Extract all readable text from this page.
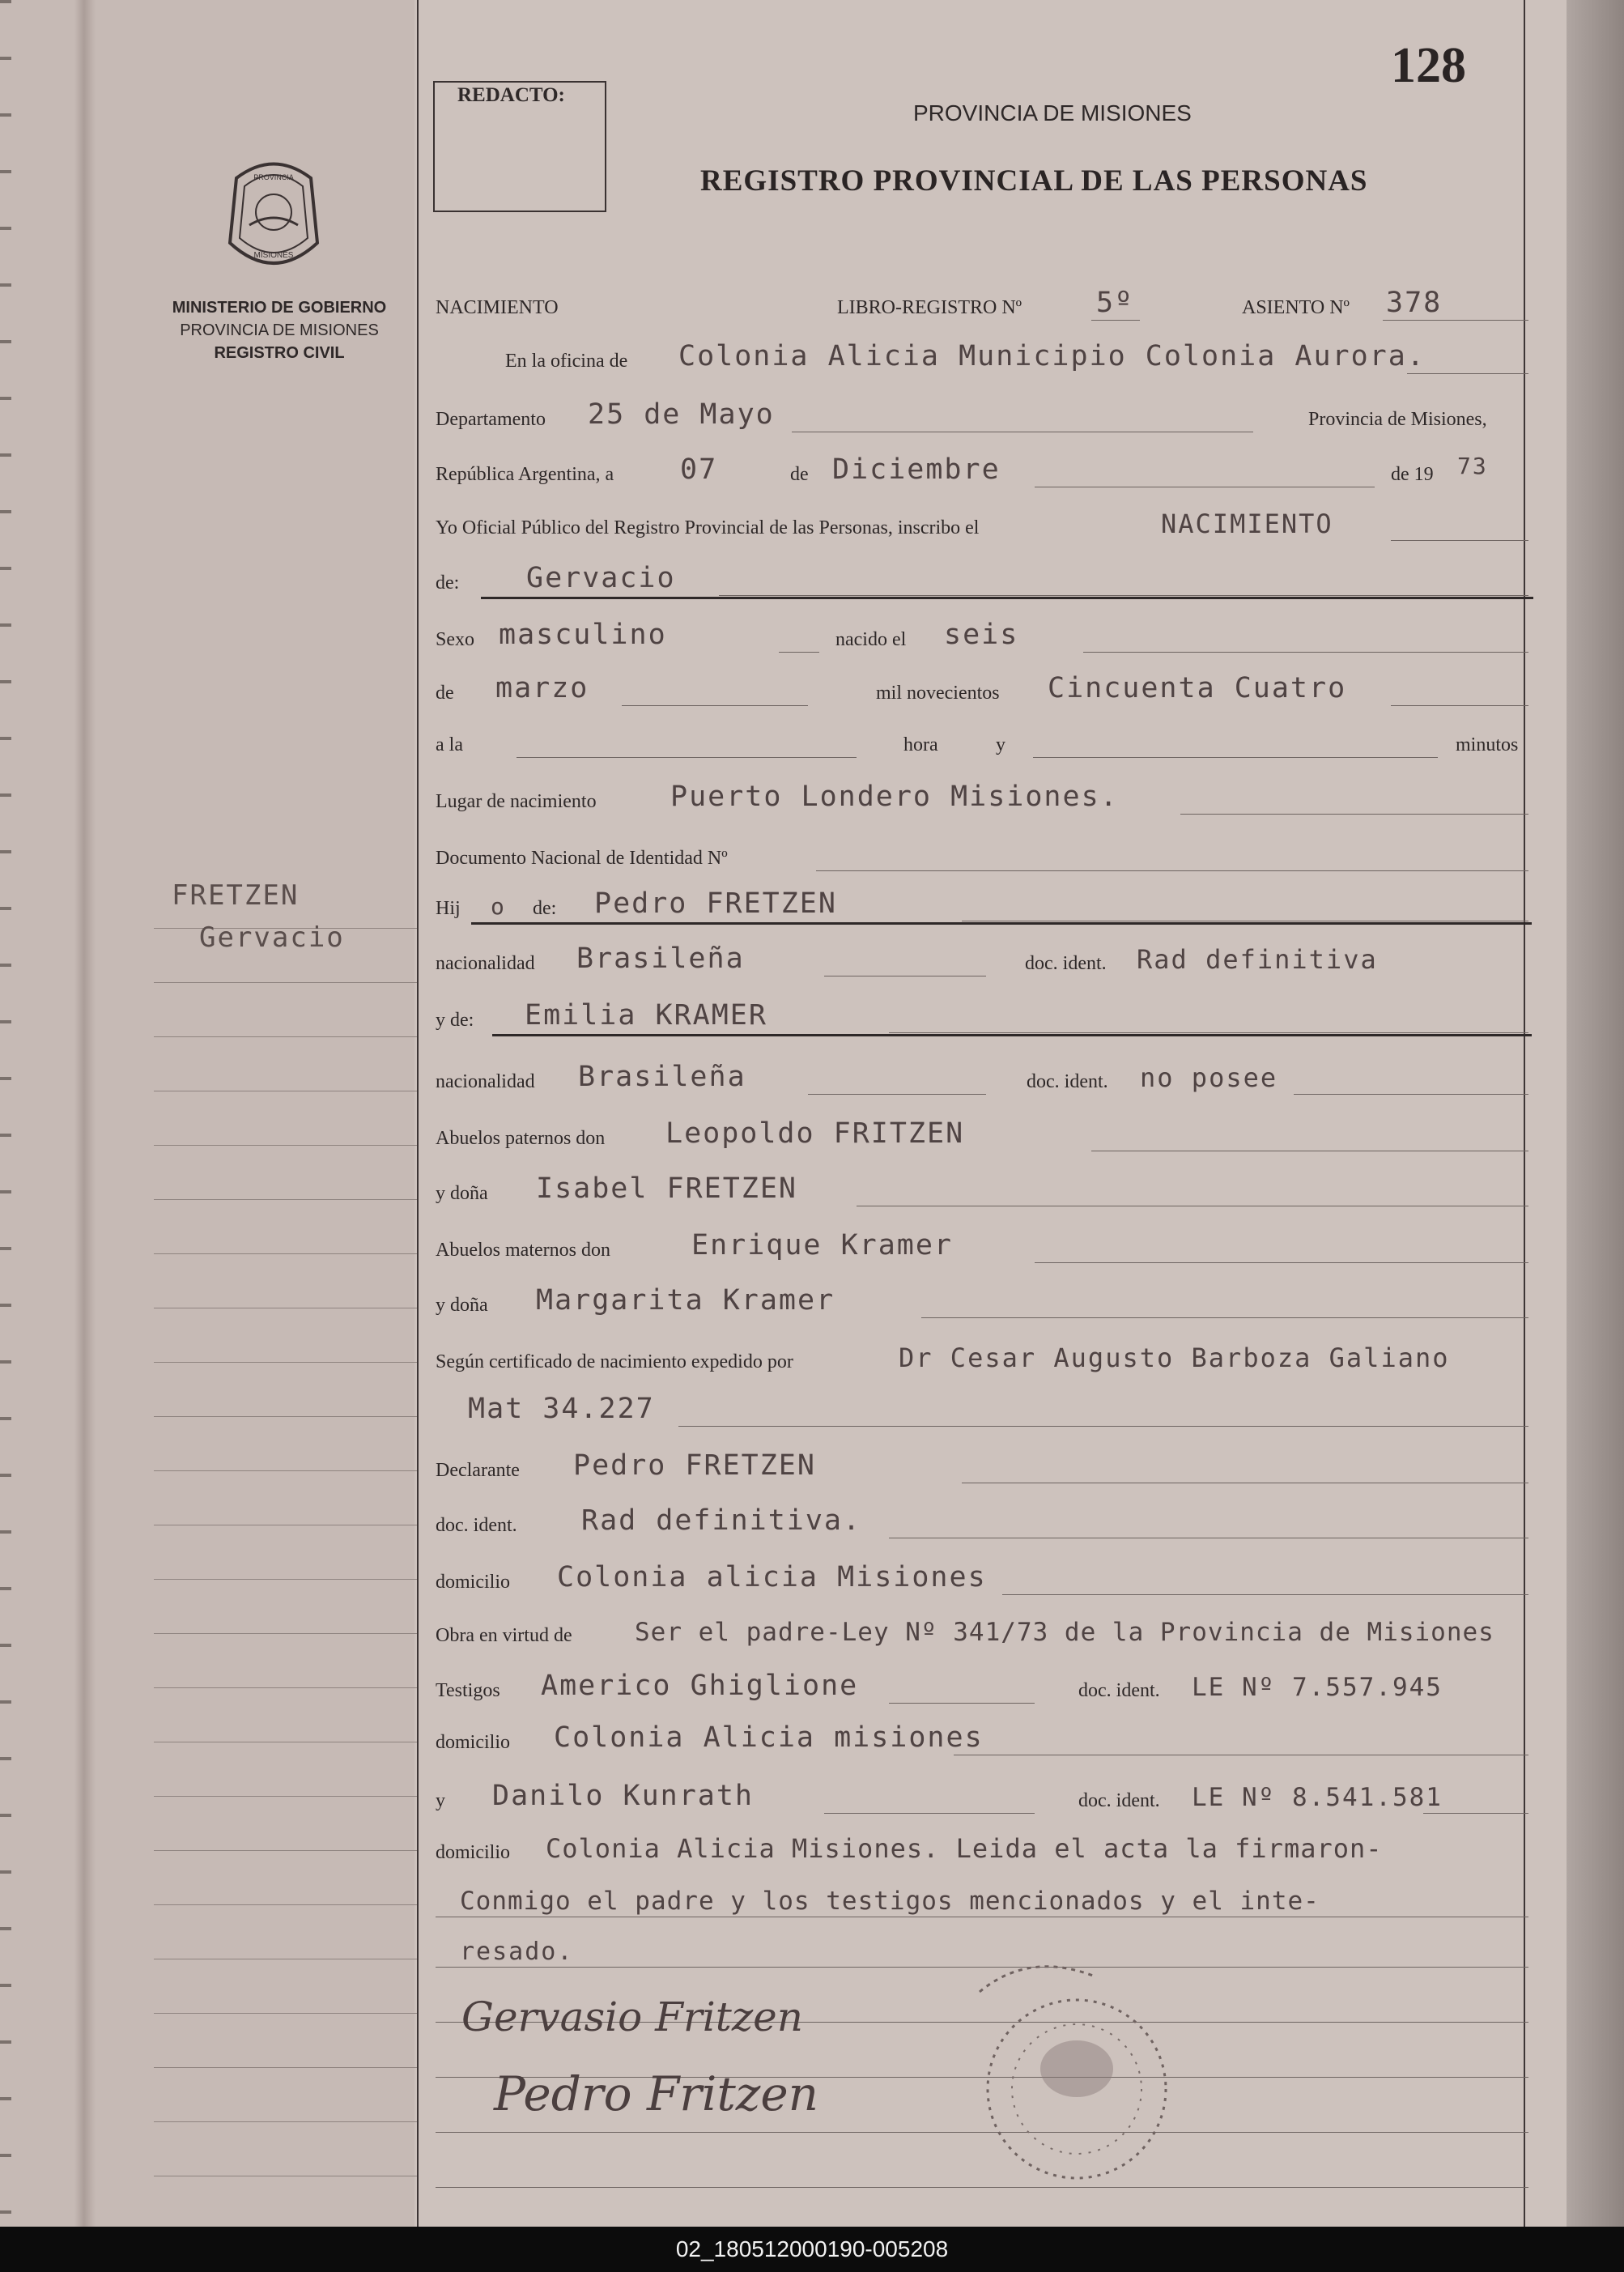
PROVINCIA
MISIONES
MINISTERIO DE GOBIERNO
PROVINCIA DE MISIONES
REGISTRO CIVIL
FRETZEN
Gervacio
REDACTO:
128
PROVINCIA DE MISIONES
REGISTRO PROVINCIAL DE LAS PERSONAS
NACIMIENTO	LIBRO-REGISTRO Nº	5º	ASIENTO Nº 378
En la oficina de Colonia Alicia Municipio Colonia Aurora.
Departamento 25 de Mayo	Provincia de Misiones,
República Argentina, a 07	de Diciembre	de 19 73
Yo Oficial Público del Registro Provincial de las Personas, inscribo el	NACIMIENTO
de: Gervacio
Sexo masculino	nacido el seis
de marzo	mil novecientos Cincuenta Cuatro
a la	hora	y	minutos
Lugar de nacimiento	Puerto Londero Misiones.
Documento Nacional de Identidad Nº
Hij o de: Pedro FRETZEN
nacionalidad Brasileña	doc. ident. Rad definitiva
y de: Emilia KRAMER
nacionalidad Brasileña	doc. ident. no posee
Abuelos paternos don Leopoldo FRITZEN
y doña Isabel FRETZEN
Abuelos maternos don	Enrique Kramer
y doña Margarita Kramer
Según certificado de nacimiento expedido por	Dr Cesar Augusto Barboza Galiano
Mat 34.227
Declarante Pedro FRETZEN
doc. ident. Rad definitiva.
domicilio Colonia alicia Misiones
Obra en virtud de Ser el padre-Ley Nº 341/73 de la Provincia de Misiones
Testigos Americo Ghiglione	doc. ident. LE Nº 7.557.945
domicilio Colonia Alicia misiones
y Danilo Kunrath	doc. ident. LE Nº 8.541.581
domicilio Colonia Alicia Misiones. Leida el acta la firmaron-
Conmigo el padre y los testigos mencionados y el inte-
resado.
Gervasio Fritzen
Pedro Fritzen
02_180512000190-005208
